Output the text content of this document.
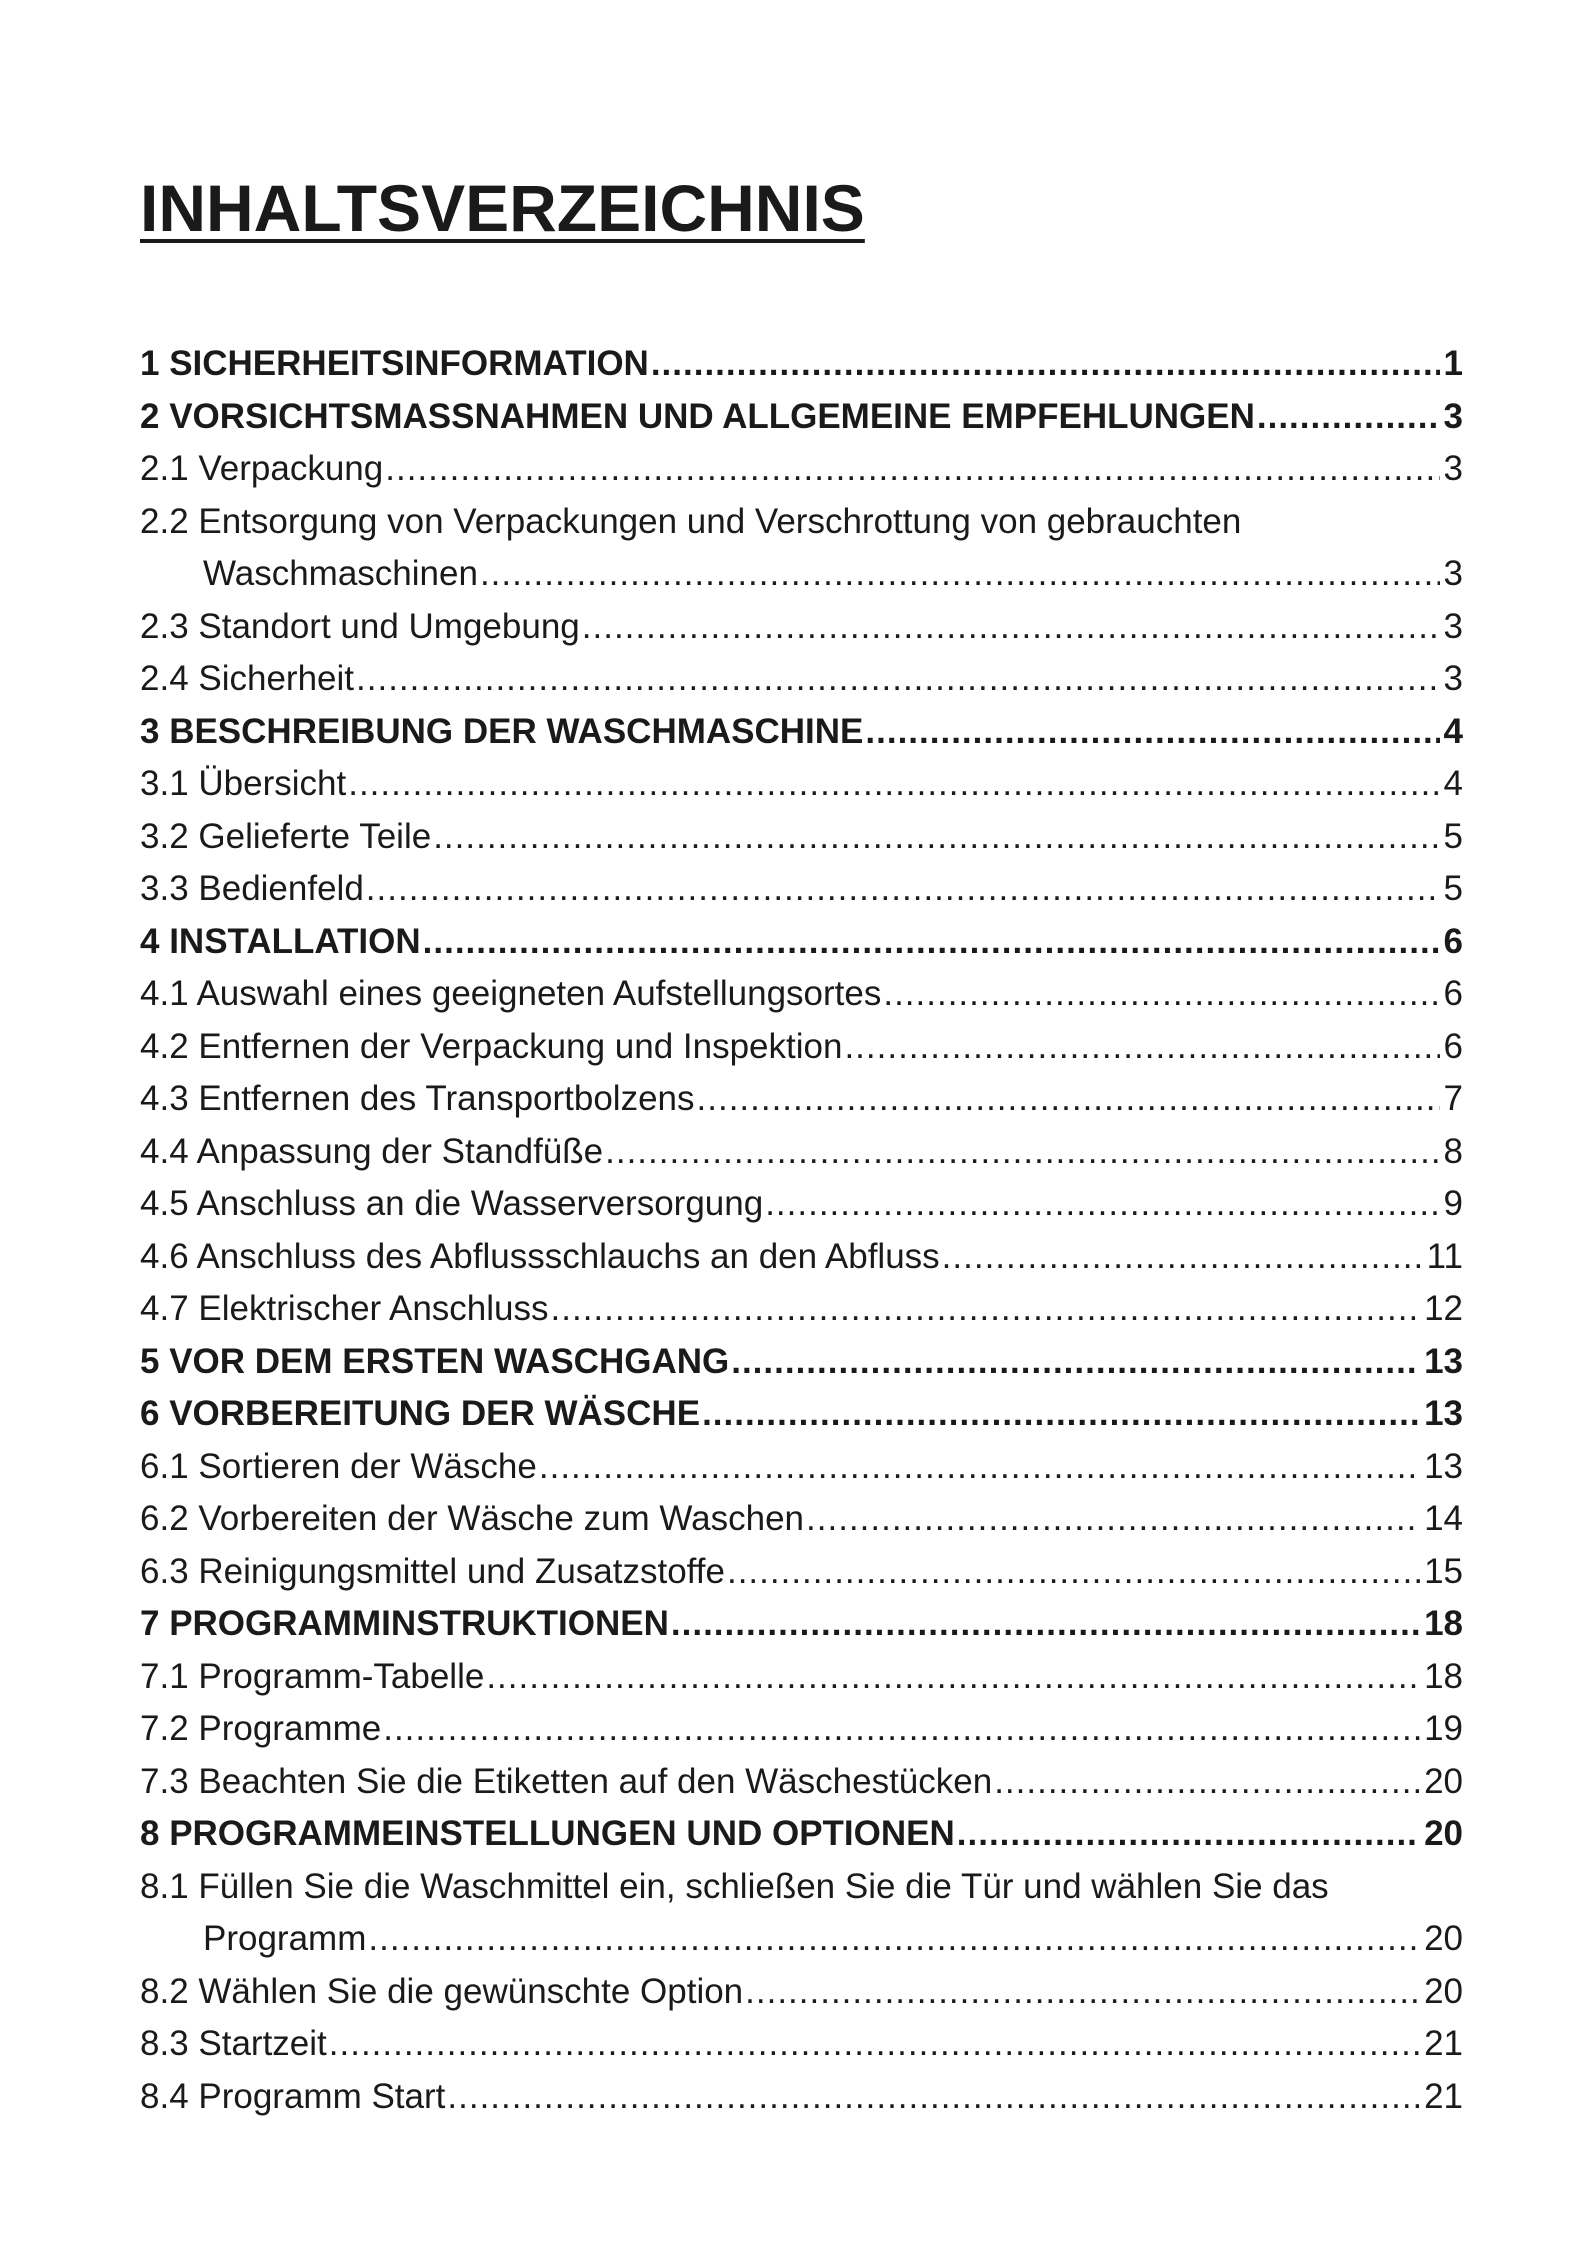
INHALTSVERZEICHNIS
1 SICHERHEITSINFORMATION .....	1
2 VORSICHTSMASSNAHMEN UND ALLGEMEINE EMPFEHLUNGEN .....	3
2.1 Verpackung .....	3
2.2 Entsorgung von Verpackungen und Verschrottung von gebrauchten
Waschmaschinen .....	3
2.3 Standort und Umgebung .....	3
2.4 Sicherheit .....	3
3 BESCHREIBUNG DER WASCHMASCHINE .....	4
3.1 Übersicht .....	4
3.2 Gelieferte Teile .....	5
3.3 Bedienfeld .....	5
4 INSTALLATION .....	6
4.1 Auswahl eines geeigneten Aufstellungsortes .....	6
4.2 Entfernen der Verpackung und Inspektion .....	6
4.3 Entfernen des Transportbolzens .....	7
4.4 Anpassung der Standfüße .....	8
4.5 Anschluss an die Wasserversorgung .....	9
4.6 Anschluss des Abflussschlauchs an den Abfluss .....	11
4.7 Elektrischer Anschluss .....	12
5 VOR DEM ERSTEN WASCHGANG .....	13
6 VORBEREITUNG DER WÄSCHE .....	13
6.1 Sortieren der Wäsche .....	13
6.2 Vorbereiten der Wäsche zum Waschen .....	14
6.3 Reinigungsmittel und Zusatzstoffe .....	15
7 PROGRAMMINSTRUKTIONEN .....	18
7.1 Programm-Tabelle .....	18
7.2 Programme .....	19
7.3 Beachten Sie die Etiketten auf den Wäschestücken .....	20
8 PROGRAMMEINSTELLUNGEN UND OPTIONEN .....	20
8.1 Füllen Sie die Waschmittel ein, schließen Sie die Tür und wählen Sie das
Programm .....	20
8.2 Wählen Sie die gewünschte Option .....	20
8.3 Startzeit .....	21
8.4 Programm Start .....	21
